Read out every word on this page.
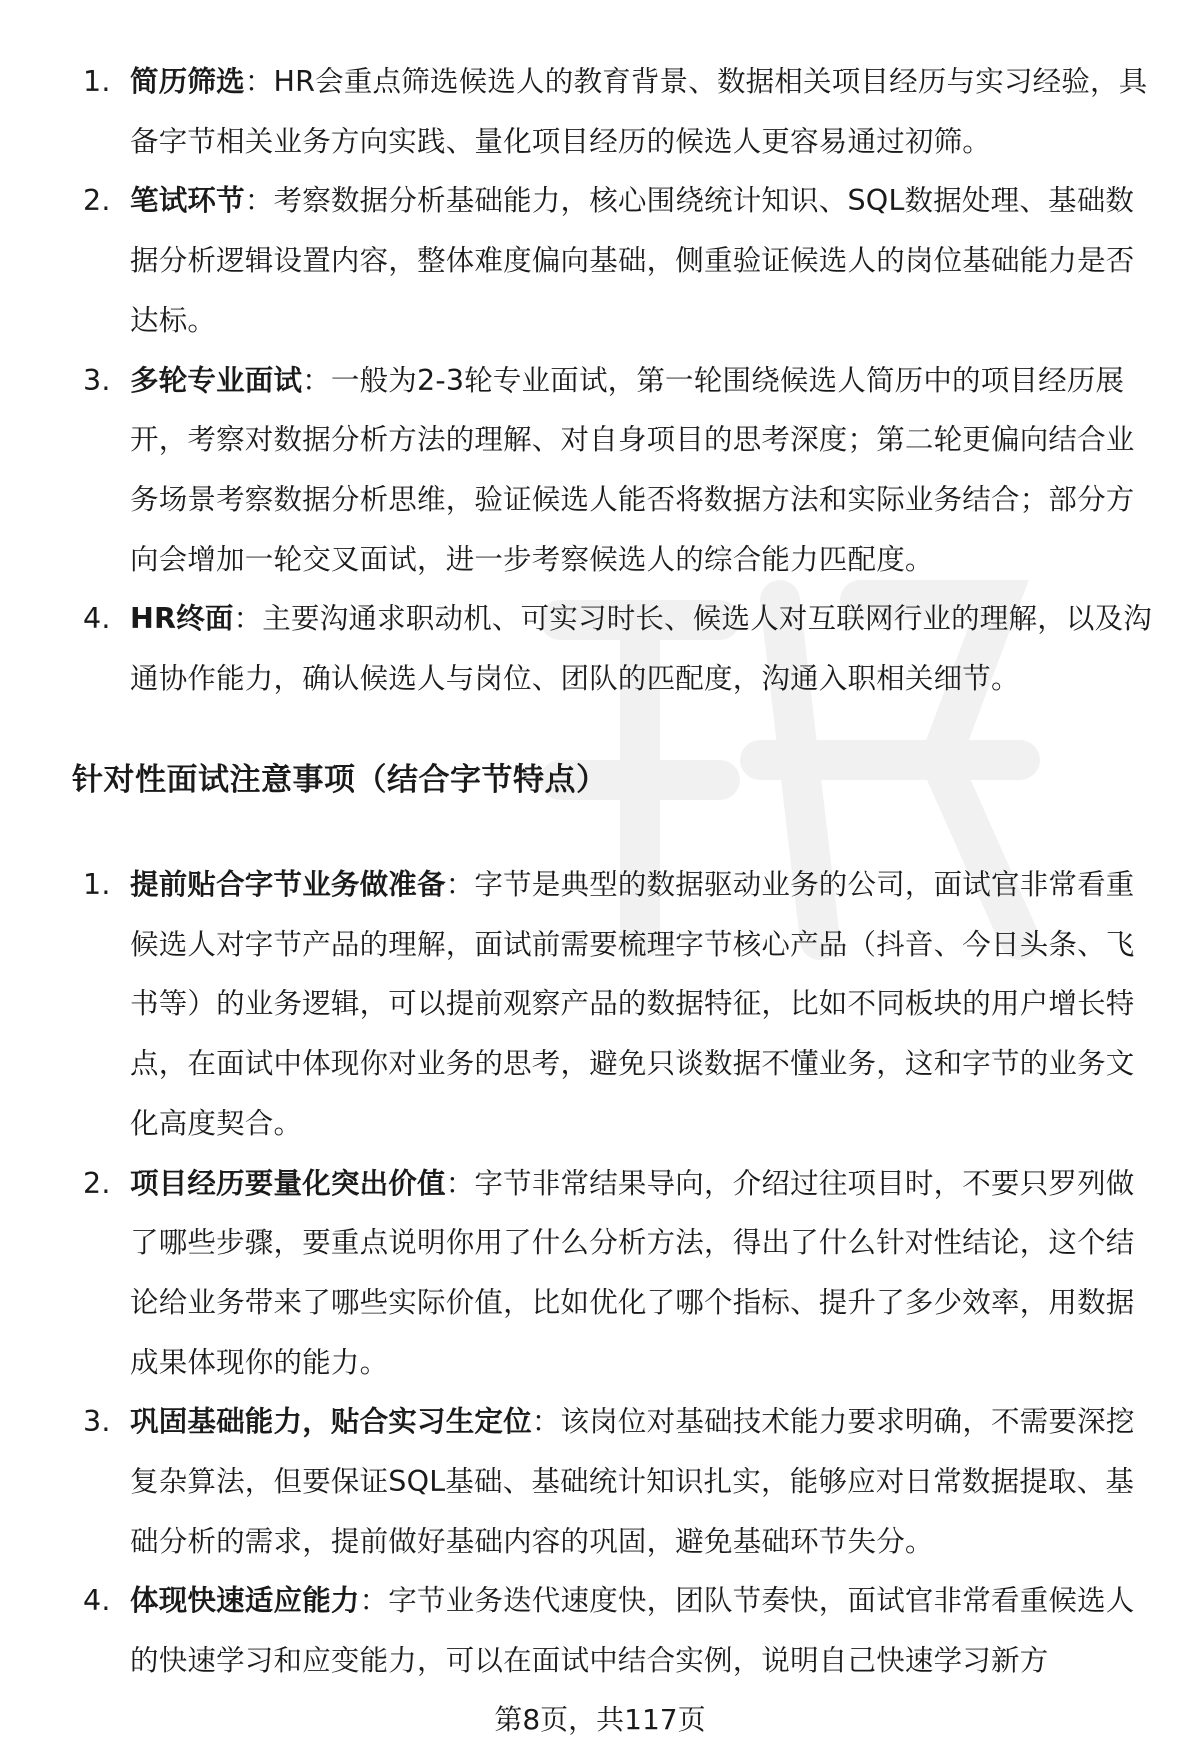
1. 简历筛选：HR会重点筛选候选人的教育背景、数据相关项目经历与实习经验，具备字节相关业务方向实践、量化项目经历的候选人更容易通过初筛。
2. 笔试环节：考察数据分析基础能力，核心围绕统计知识、SQL数据处理、基础数据分析逻辑设置内容，整体难度偏向基础，侧重验证候选人的岗位基础能力是否达标。
3. 多轮专业面试：一般为2-3轮专业面试，第一轮围绕候选人简历中的项目经历展开，考察对数据分析方法的理解、对自身项目的思考深度；第二轮更偏向结合业务场景考察数据分析思维，验证候选人能否将数据方法和实际业务结合；部分方向会增加一轮交叉面试，进一步考察候选人的综合能力匹配度。
4. HR终面：主要沟通求职动机、可实习时长、候选人对互联网行业的理解，以及沟通协作能力，确认候选人与岗位、团队的匹配度，沟通入职相关细节。
针对性面试注意事项（结合字节特点）
1. 提前贴合字节业务做准备：字节是典型的数据驱动业务的公司，面试官非常看重候选人对字节产品的理解，面试前需要梳理字节核心产品（抖音、今日头条、飞书等）的业务逻辑，可以提前观察产品的数据特征，比如不同板块的用户增长特点，在面试中体现你对业务的思考，避免只谈数据不懂业务，这和字节的业务文化高度契合。
2. 项目经历要量化突出价值：字节非常结果导向，介绍过往项目时，不要只罗列做了哪些步骤，要重点说明你用了什么分析方法，得出了什么针对性结论，这个结论给业务带来了哪些实际价值，比如优化了哪个指标、提升了多少效率，用数据成果体现你的能力。
3. 巩固基础能力，贴合实习生定位：该岗位对基础技术能力要求明确，不需要深挖复杂算法，但要保证SQL基础、基础统计知识扎实，能够应对日常数据提取、基础分析的需求，提前做好基础内容的巩固，避免基础环节失分。
4. 体现快速适应能力：字节业务迭代速度快，团队节奏快，面试官非常看重候选人的快速学习和应变能力，可以在面试中结合实例，说明自己快速学习新方
第8页，共117页
